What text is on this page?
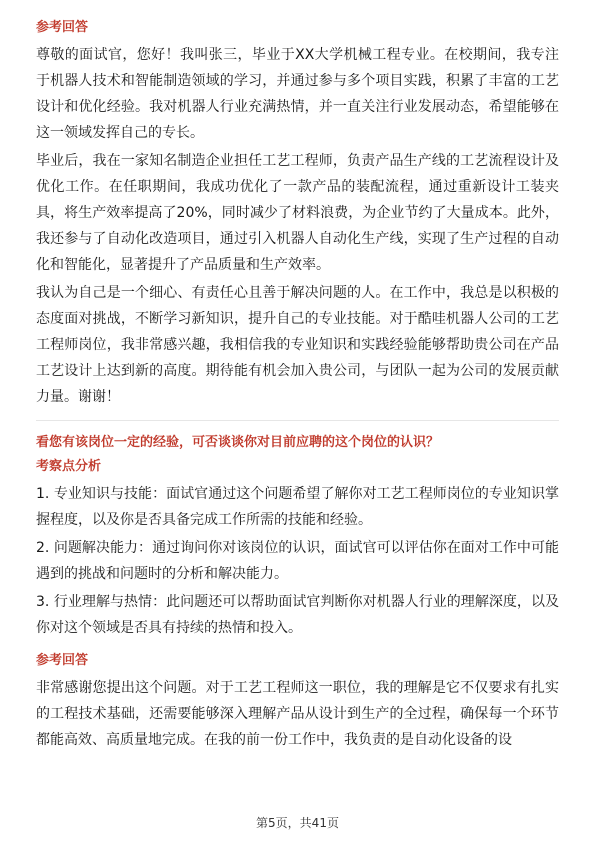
参考回答

尊敬的面试官，您好！我叫张三，毕业于XX大学机械工程专业。在校期间，我专注于机器人技术和智能制造领域的学习，并通过参与多个项目实践，积累了丰富的工艺设计和优化经验。我对机器人行业充满热情，并一直关注行业发展动态，希望能够在这一领域发挥自己的专长。

毕业后，我在一家知名制造企业担任工艺工程师，负责产品生产线的工艺流程设计及优化工作。在任职期间，我成功优化了一款产品的装配流程，通过重新设计工装夹具，将生产效率提高了20%，同时减少了材料浪费，为企业节约了大量成本。此外，我还参与了自动化改造项目，通过引入机器人自动化生产线，实现了生产过程的自动化和智能化，显著提升了产品质量和生产效率。

我认为自己是一个细心、有责任心且善于解决问题的人。在工作中，我总是以积极的态度面对挑战，不断学习新知识，提升自己的专业技能。对于酷哇机器人公司的工艺工程师岗位，我非常感兴趣，我相信我的专业知识和实践经验能够帮助贵公司在产品工艺设计上达到新的高度。期待能有机会加入贵公司，与团队一起为公司的发展贡献力量。谢谢！

看您有该岗位一定的经验，可否谈谈你对目前应聘的这个岗位的认识？
考察点分析

1. 专业知识与技能：面试官通过这个问题希望了解你对工艺工程师岗位的专业知识掌握程度，以及你是否具备完成工作所需的技能和经验。

2. 问题解决能力：通过询问你对该岗位的认识，面试官可以评估你在面对工作中可能遇到的挑战和问题时的分析和解决能力。

3. 行业理解与热情：此问题还可以帮助面试官判断你对机器人行业的理解深度，以及你对这个领域是否具有持续的热情和投入。

参考回答

非常感谢您提出这个问题。对于工艺工程师这一职位，我的理解是它不仅要求有扎实的工程技术基础，还需要能够深入理解产品从设计到生产的全过程，确保每一个环节都能高效、高质量地完成。在我的前一份工作中，我负责的是自动化设备的设

第5页，共41页
